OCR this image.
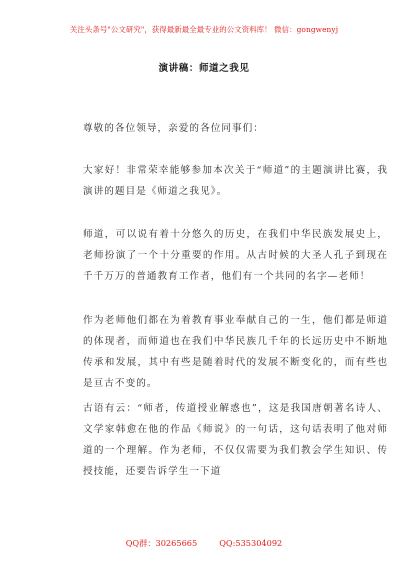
关注头条号"公文研究"，获得最新最全最专业的公文资料库！ 微信：gongwenyj
演讲稿：师道之我见

尊敬的各位领导，亲爱的各位同事们：

大家好！非常荣幸能够参加本次关于“师道”的主题演讲比赛，我演讲的题目是《师道之我见》。

师道，可以说有着十分悠久的历史，在我们中华民族发展史上，老师扮演了一个十分重要的作用。从古时候的大圣人孔子到现在千千万万的普通教育工作者，他们有一个共同的名字—老师！

作为老师他们都在为着教育事业奉献自己的一生，他们都是师道的体现者，而师道也在我们中华民族几千年的长远历史中不断地传承和发展，其中有些是随着时代的发展不断变化的，而有些也是亘古不变的。

古语有云：“师者，传道授业解惑也”，这是我国唐朝著名诗人、文学家韩愈在他的作品《师说》的一句话，这句话表明了他对师道的一个理解。作为老师，不仅仅需要为我们教会学生知识、传授技能，还要告诉学生一下道

QQ群：30265665	QQ:535304092
